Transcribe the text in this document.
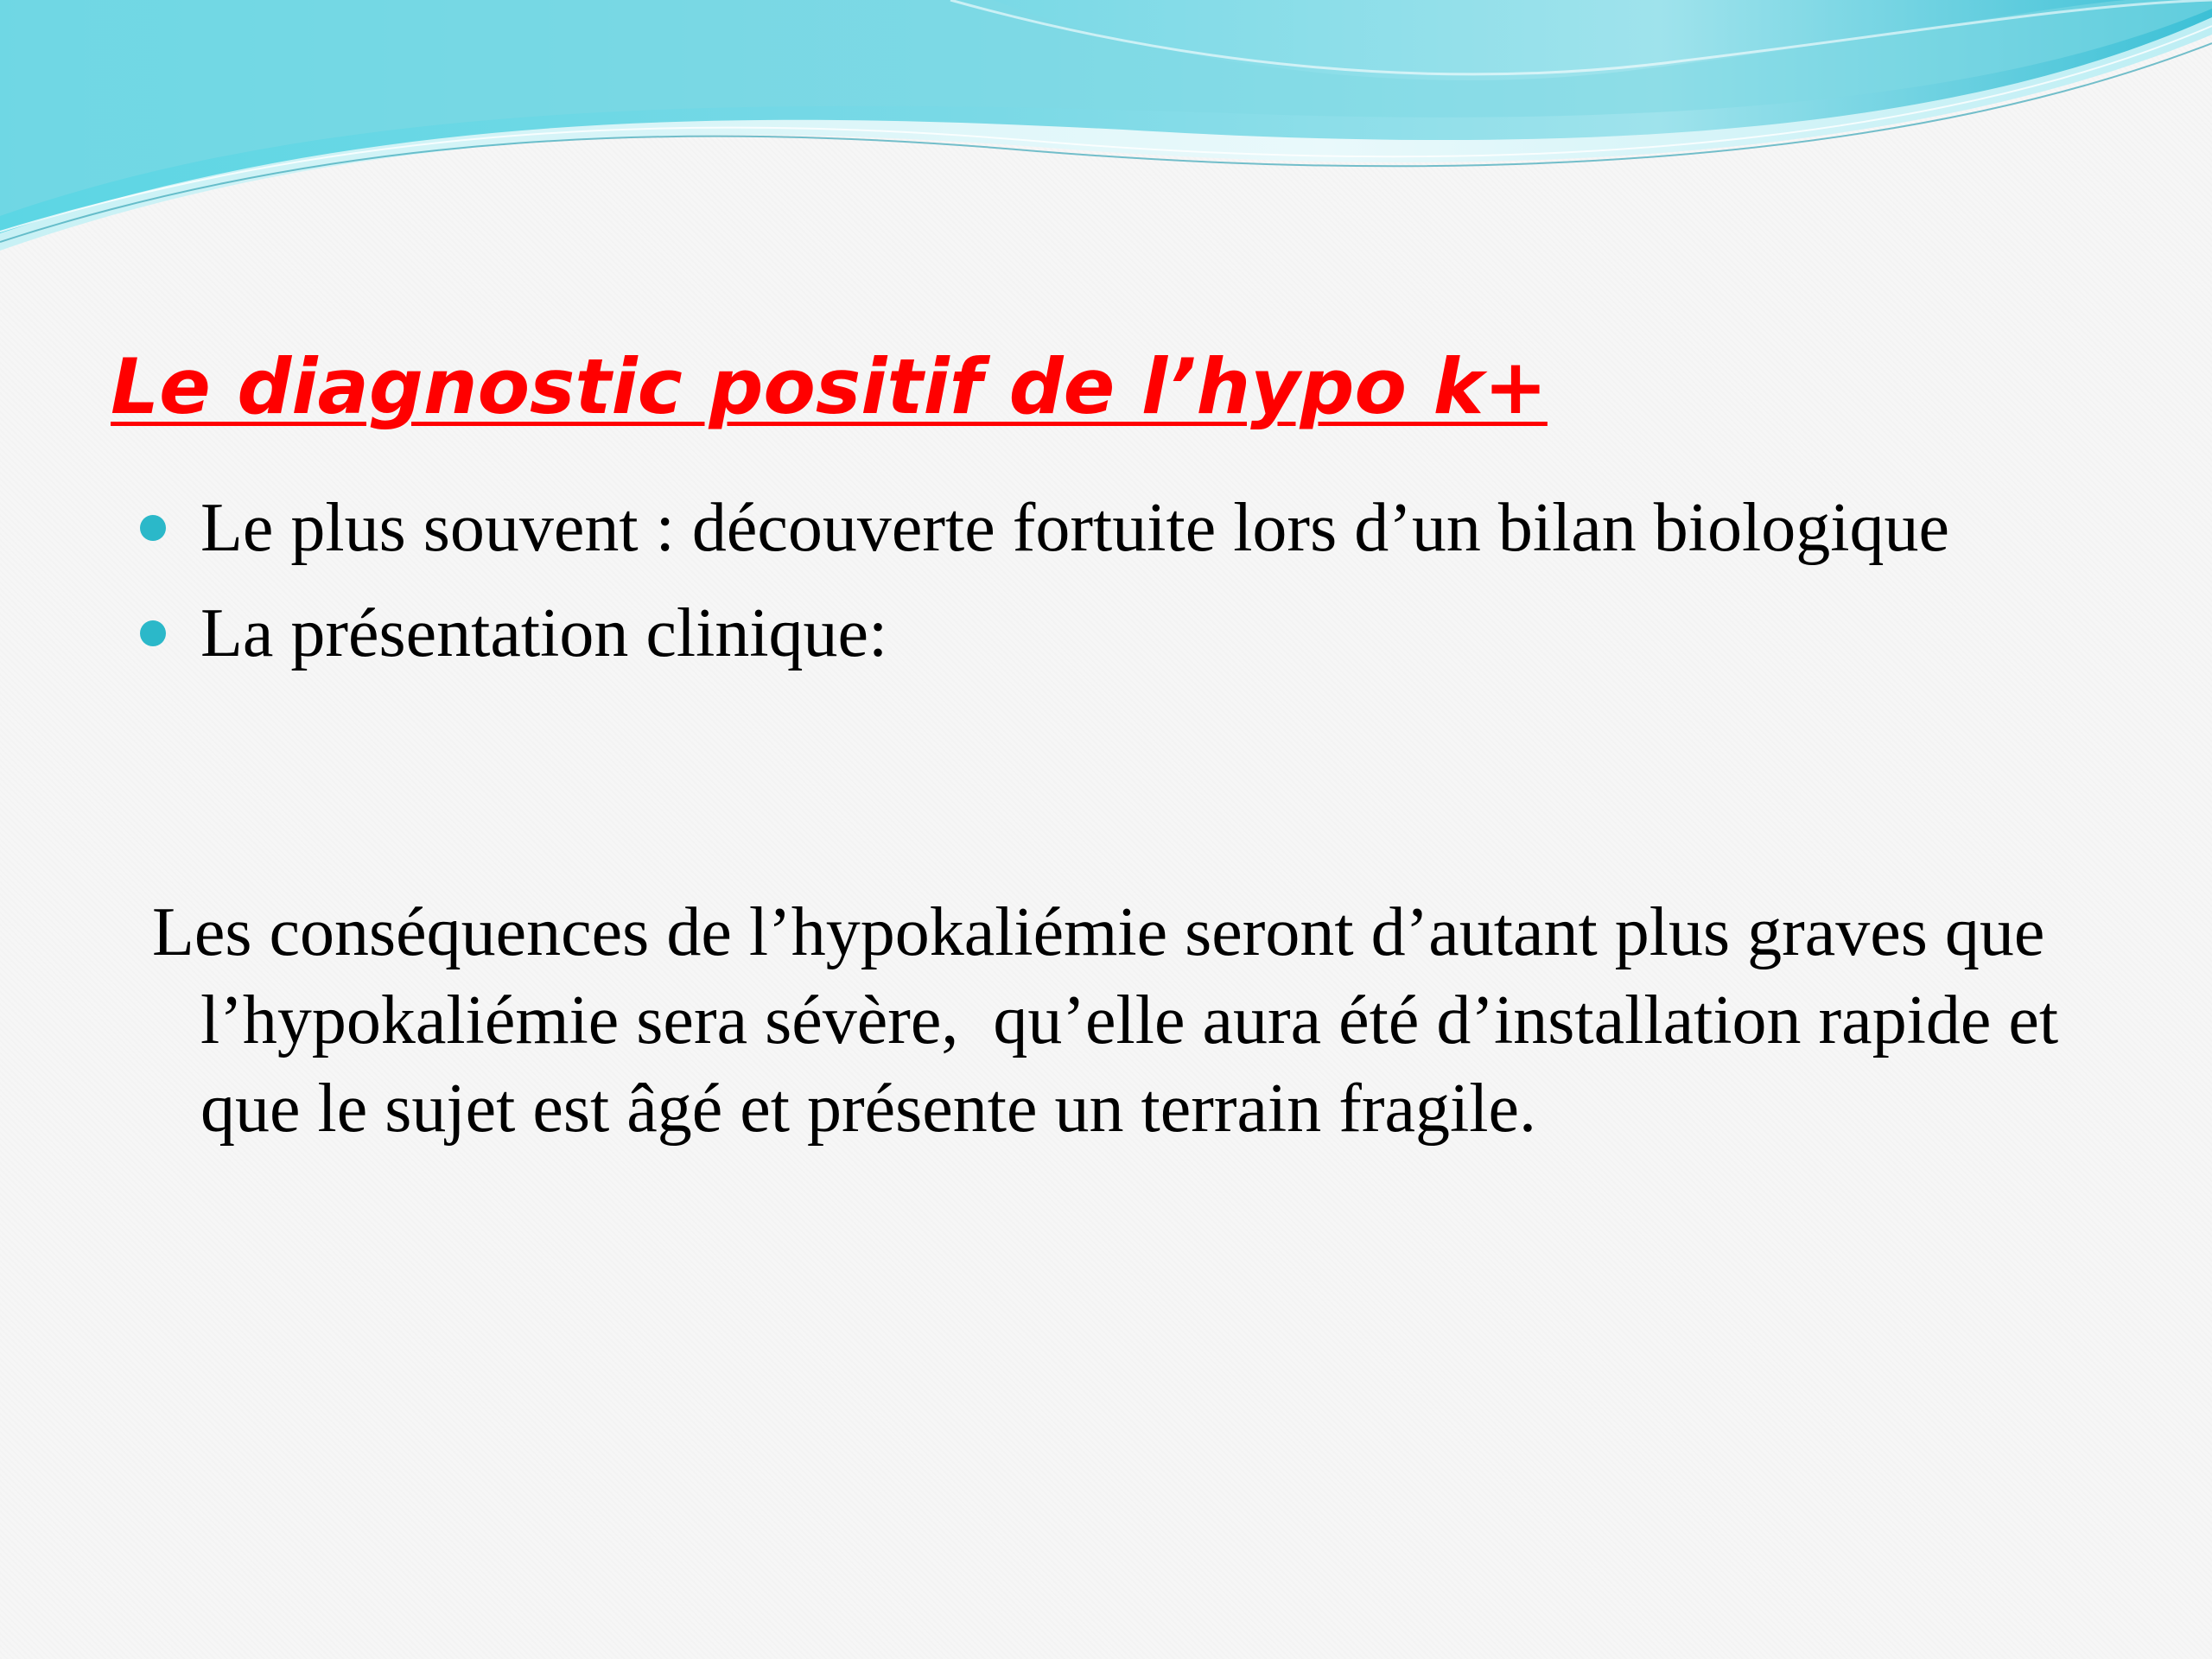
Le diagnostic positif de l’hypo k+
Le plus souvent : découverte fortuite lors d’un bilan biologique
La présentation clinique:

Les conséquences de l’hypokaliémie seront d’autant plus graves que l’hypokaliémie sera sévère,  qu’elle aura été d’installation rapide et que le sujet est âgé et présente un terrain fragile.
